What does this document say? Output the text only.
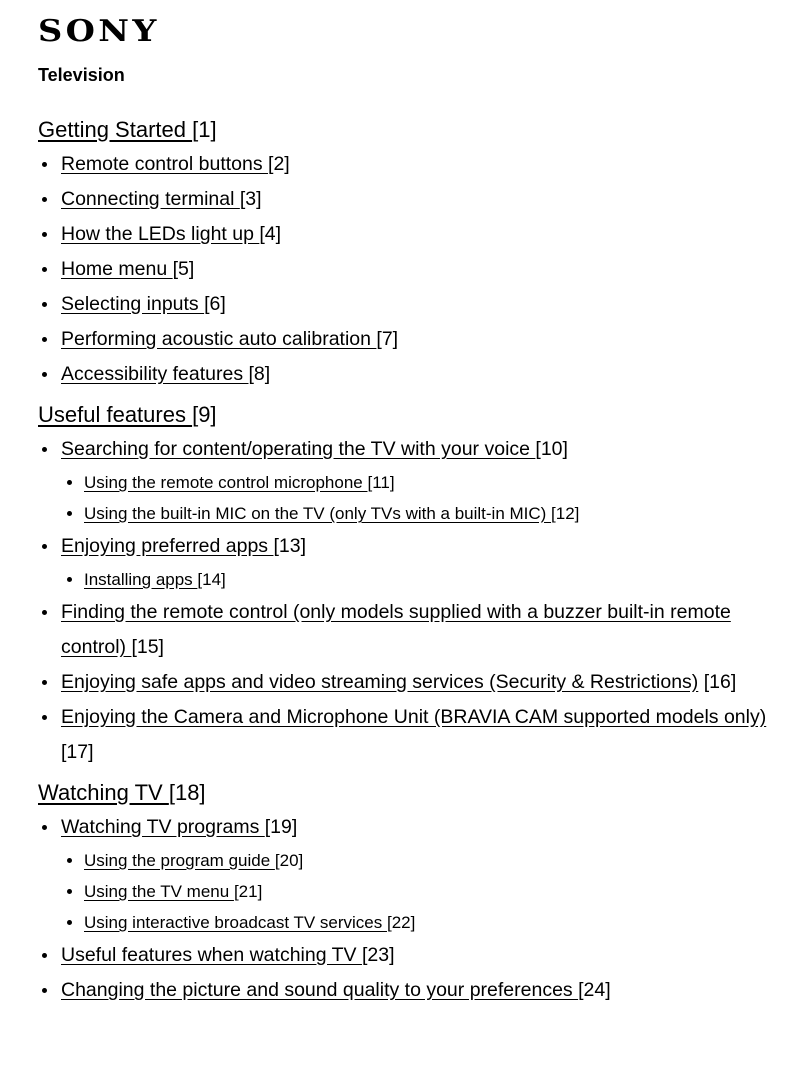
SONY
Television
Getting Started [1]
Remote control buttons [2]
Connecting terminal [3]
How the LEDs light up [4]
Home menu [5]
Selecting inputs [6]
Performing acoustic auto calibration [7]
Accessibility features [8]
Useful features [9]
Searching for content/operating the TV with your voice [10]
Using the remote control microphone [11]
Using the built-in MIC on the TV (only TVs with a built-in MIC) [12]
Enjoying preferred apps [13]
Installing apps [14]
Finding the remote control (only models supplied with a buzzer built-in remote control) [15]
Enjoying safe apps and video streaming services (Security & Restrictions) [16]
Enjoying the Camera and Microphone Unit (BRAVIA CAM supported models only) [17]
Watching TV [18]
Watching TV programs [19]
Using the program guide [20]
Using the TV menu [21]
Using interactive broadcast TV services [22]
Useful features when watching TV [23]
Changing the picture and sound quality to your preferences [24]
